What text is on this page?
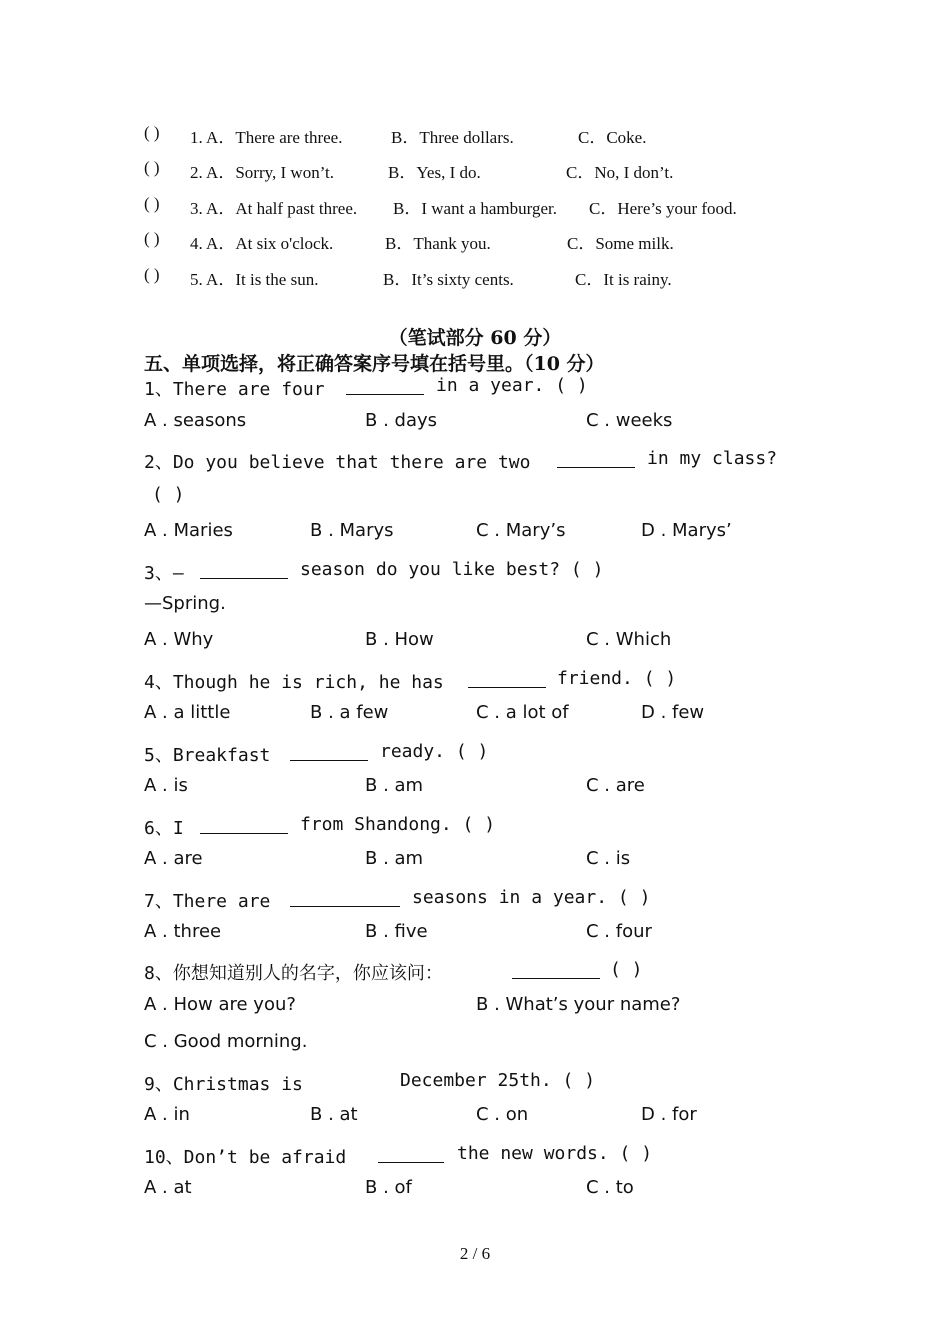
( ) 1. A．There are three.	B．Three dollars.	C．Coke.
( ) 2. A．Sorry, I won’t.	B．Yes, I do.	C．No, I don’t.
( ) 3. A．At half past three. B．I want a hamburger. C．Here’s your food.
( ) 4. A．At six o'clock.	B．Thank you.	C．Some milk.
( ) 5. A．It is the sun.	B．It’s sixty cents.	C．It is rainy.
（笔试部分 60 分）
五、单项选择，将正确答案序号填在括号里。（10 分）
1、There are four	in a year. ( )
A . seasons	B . days	C . weeks
2、Do you believe that there are two	in my class?
( )
A . Maries	B . Marys	C . Mary’s	D . Marys’
3、—	season do you like best? ( )
—Spring.
A . Why	B . How	C . Which
4、Though he is rich, he has	friend. ( )
A . a little	B . a few	C . a lot of	D . few
5、Breakfast	ready. ( )
A . is	B . am	C . are
6、I	from Shandong. ( )
A . are	B . am	C . is
7、There are	seasons in a year. ( )
A . three	B . five	C . four
8、你想知道别人的名字，你应该问：	( )
A . How are you?	B . What’s your name?
C . Good morning.
9、Christmas is	December 25th. ( )
A . in	B . at	C . on	D . for
10、Don’t be afraid	the new words. ( )
A . at	B . of	C . to
2 / 6
